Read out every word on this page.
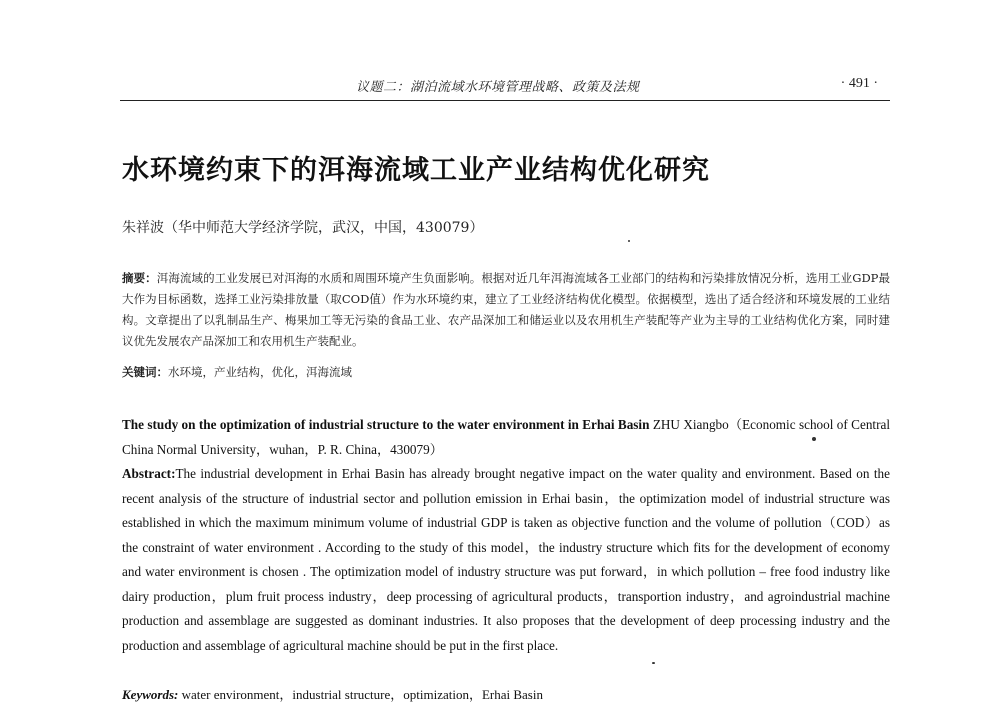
议题二：湖泊流域水环境管理战略、政策及法规	· 491 ·
水环境约束下的洱海流域工业产业结构优化研究
朱祥波（华中师范大学经济学院，武汉，中国，430079）
摘要：洱海流域的工业发展已对洱海的水质和周围环境产生负面影响。根据对近几年洱海流域各工业部门的结构和污染排放情况分析，选用工业GDP最大作为目标函数，选择工业污染排放量（取COD值）作为水环境约束，建立了工业经济结构优化模型。依据模型，选出了适合经济和环境发展的工业结构。文章提出了以乳制品生产、梅果加工等无污染的食品工业、农产品深加工和储运业以及农用机生产装配等产业为主导的工业结构优化方案，同时建议优先发展农产品深加工和农用机生产装配业。
关键词：水环境，产业结构，优化，洱海流域

The study on the optimization of industrial structure to the water environment in Erhai Basin ZHU Xiangbo（Economic school of Central China Normal University，wuhan，P. R. China，430079）

Abstract:The industrial development in Erhai Basin has already brought negative impact on the water quality and environment. Based on the recent analysis of the structure of industrial sector and pollution emission in Erhai basin，the optimization model of industrial structure was established in which the maximum minimum volume of industrial GDP is taken as objective function and the volume of pollution（COD）as the constraint of water environment . According to the study of this model，the industry structure which fits for the development of economy and water environment is chosen . The optimization model of industry structure was put forward，in which pollution – free food industry like dairy production，plum fruit process industry，deep processing of agricultural products，transportion industry，and agroindustrial machine production and assemblage are suggested as dominant industries. It also proposes that the development of deep processing industry and the production and assemblage of agricultural machine should be put in the first place.

Keywords: water environment，industrial structure，optimization，Erhai Basin
